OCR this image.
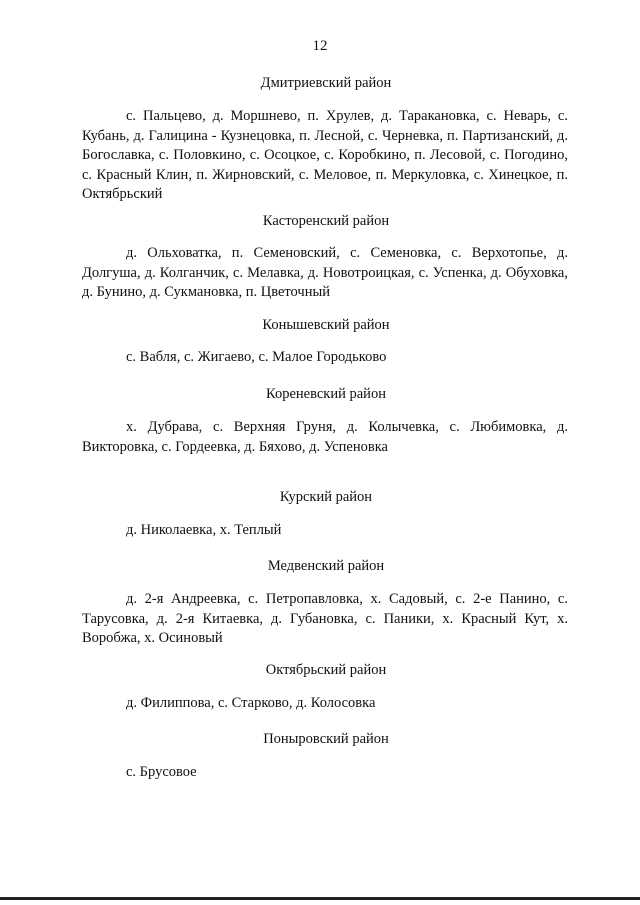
12
Дмитриевский район
с. Пальцево, д. Моршнево, п. Хрулев, д. Таракановка, с. Неварь, с. Кубань, д. Галицина - Кузнецовка, п. Лесной, с. Черневка, п. Партизанский, д. Богославка, с. Половкино, с. Осоцкое, с. Коробкино, п. Лесовой, с. Погодино, с. Красный Клин, п. Жирновский, с. Меловое, п. Меркуловка, с. Хинецкое, п. Октябрьский
Касторенский район
д. Ольховатка, п. Семеновский, с. Семеновка, с. Верхотопье, д. Долгуша, д. Колганчик, с. Мелавка, д. Новотроицкая, с. Успенка, д. Обуховка, д. Бунино, д. Сукмановка, п. Цветочный
Конышевский район
с. Вабля, с. Жигаево, с. Малое Городьково
Кореневский район
х. Дубрава, с. Верхняя Груня, д. Колычевка, с. Любимовка, д. Викторовка, с. Гордеевка, д. Бяхово, д. Успеновка
Курский район
д. Николаевка, х. Теплый
Медвенский район
д. 2-я Андреевка, с. Петропавловка, х. Садовый, с. 2-е Панино, с. Тарусовка, д. 2-я Китаевка, д. Губановка, с. Паники, х. Красный Кут, х. Воробжа, х. Осиновый
Октябрьский район
д. Филиппова, с. Старково, д. Колосовка
Поныровский район
с. Брусовое
